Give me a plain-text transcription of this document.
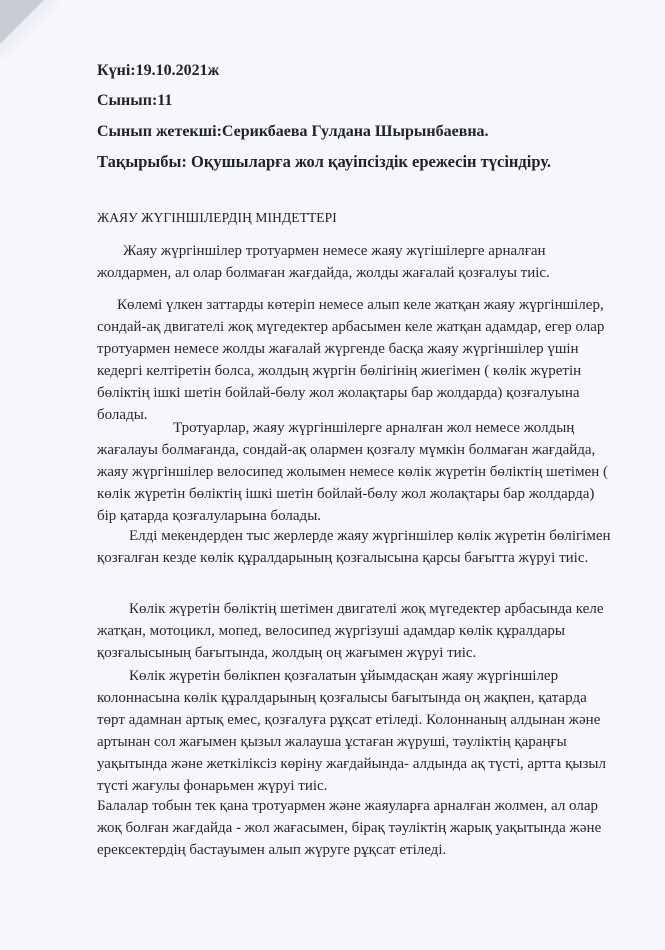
Күні:19.10.2021ж
Сынып:11
Сынып жетекші:Серикбаева Гулдана Шырынбаевна.
Тақырыбы: Оқушыларға жол қауіпсіздік ережесін түсіндіру.
ЖАЯУ ЖҮГІНШІЛЕРДІҢ МІНДЕТТЕРІ

Жаяу жүргіншілер тротуармен немесе жаяу жүгішілерге арналған жолдармен, ал олар болмаған жағдайда, жолды жағалай қозғалуы тиіс.

Көлемі үлкен заттарды көтеріп немесе алып келе жатқан жаяу жүргіншілер, сондай-ақ двигателі жоқ мүгедектер арбасымен келе жатқан адамдар, егер олар тротуармен немесе жолды жағалай жүргенде басқа жаяу жүргіншілер үшін кедергі келтіретін болса, жолдың жүргін бөлігінің жиегімен ( көлік жүретін бөліктің ішкі шетін бойлай-бөлу жол жолақтары бар жолдарда) қозғалуына болады.

Тротуарлар, жаяу жүргіншілерге арналған жол немесе жолдың жағалауы болмағанда, сондай-ақ олармен қозғалу мүмкін болмаған жағдайда, жаяу жүргіншілер велосипед жолымен немесе көлік жүретін бөліктің шетімен ( көлік жүретін бөліктің ішкі шетін бойлай-бөлу жол жолақтары бар жолдарда) бір қатарда қозғалуларына болады.

Елді мекендерден тыс жерлерде жаяу жүргіншілер көлік жүретін бөлігімен қозғалған кезде көлік құралдарының қозғалысына қарсы бағытта жүруі тиіс.

Көлік жүретін бөліктің шетімен двигателі жоқ мүгедектер арбасында келе жатқан, мотоцикл, мопед, велосипед жүргізуші адамдар көлік құралдары қозғалысының бағытында, жолдың оң жағымен жүруі тиіс.

Көлік жүретін бөлікпен қозғалатын ұйымдасқан жаяу жүргіншілер колоннасына көлік құралдарының қозғалысы бағытында оң жақпен, қатарда төрт адамнан артық емес, қозғалуға рұқсат етіледі. Колоннаның алдынан және артынан сол жағымен қызыл жалауша ұстаған жүруші, тәуліктің қараңғы уақытында және жеткіліксіз көріну жағдайында- алдында ақ түсті, артта қызыл түсті жағулы фонарьмен жүруі тиіс.

Балалар тобын тек қана тротуармен және жаяуларға арналған жолмен, ал олар жоқ болған жағдайда - жол жағасымен, бірақ тәуліктің жарық уақытында және ерексектердің бастауымен алып жүруге рұқсат етіледі.
